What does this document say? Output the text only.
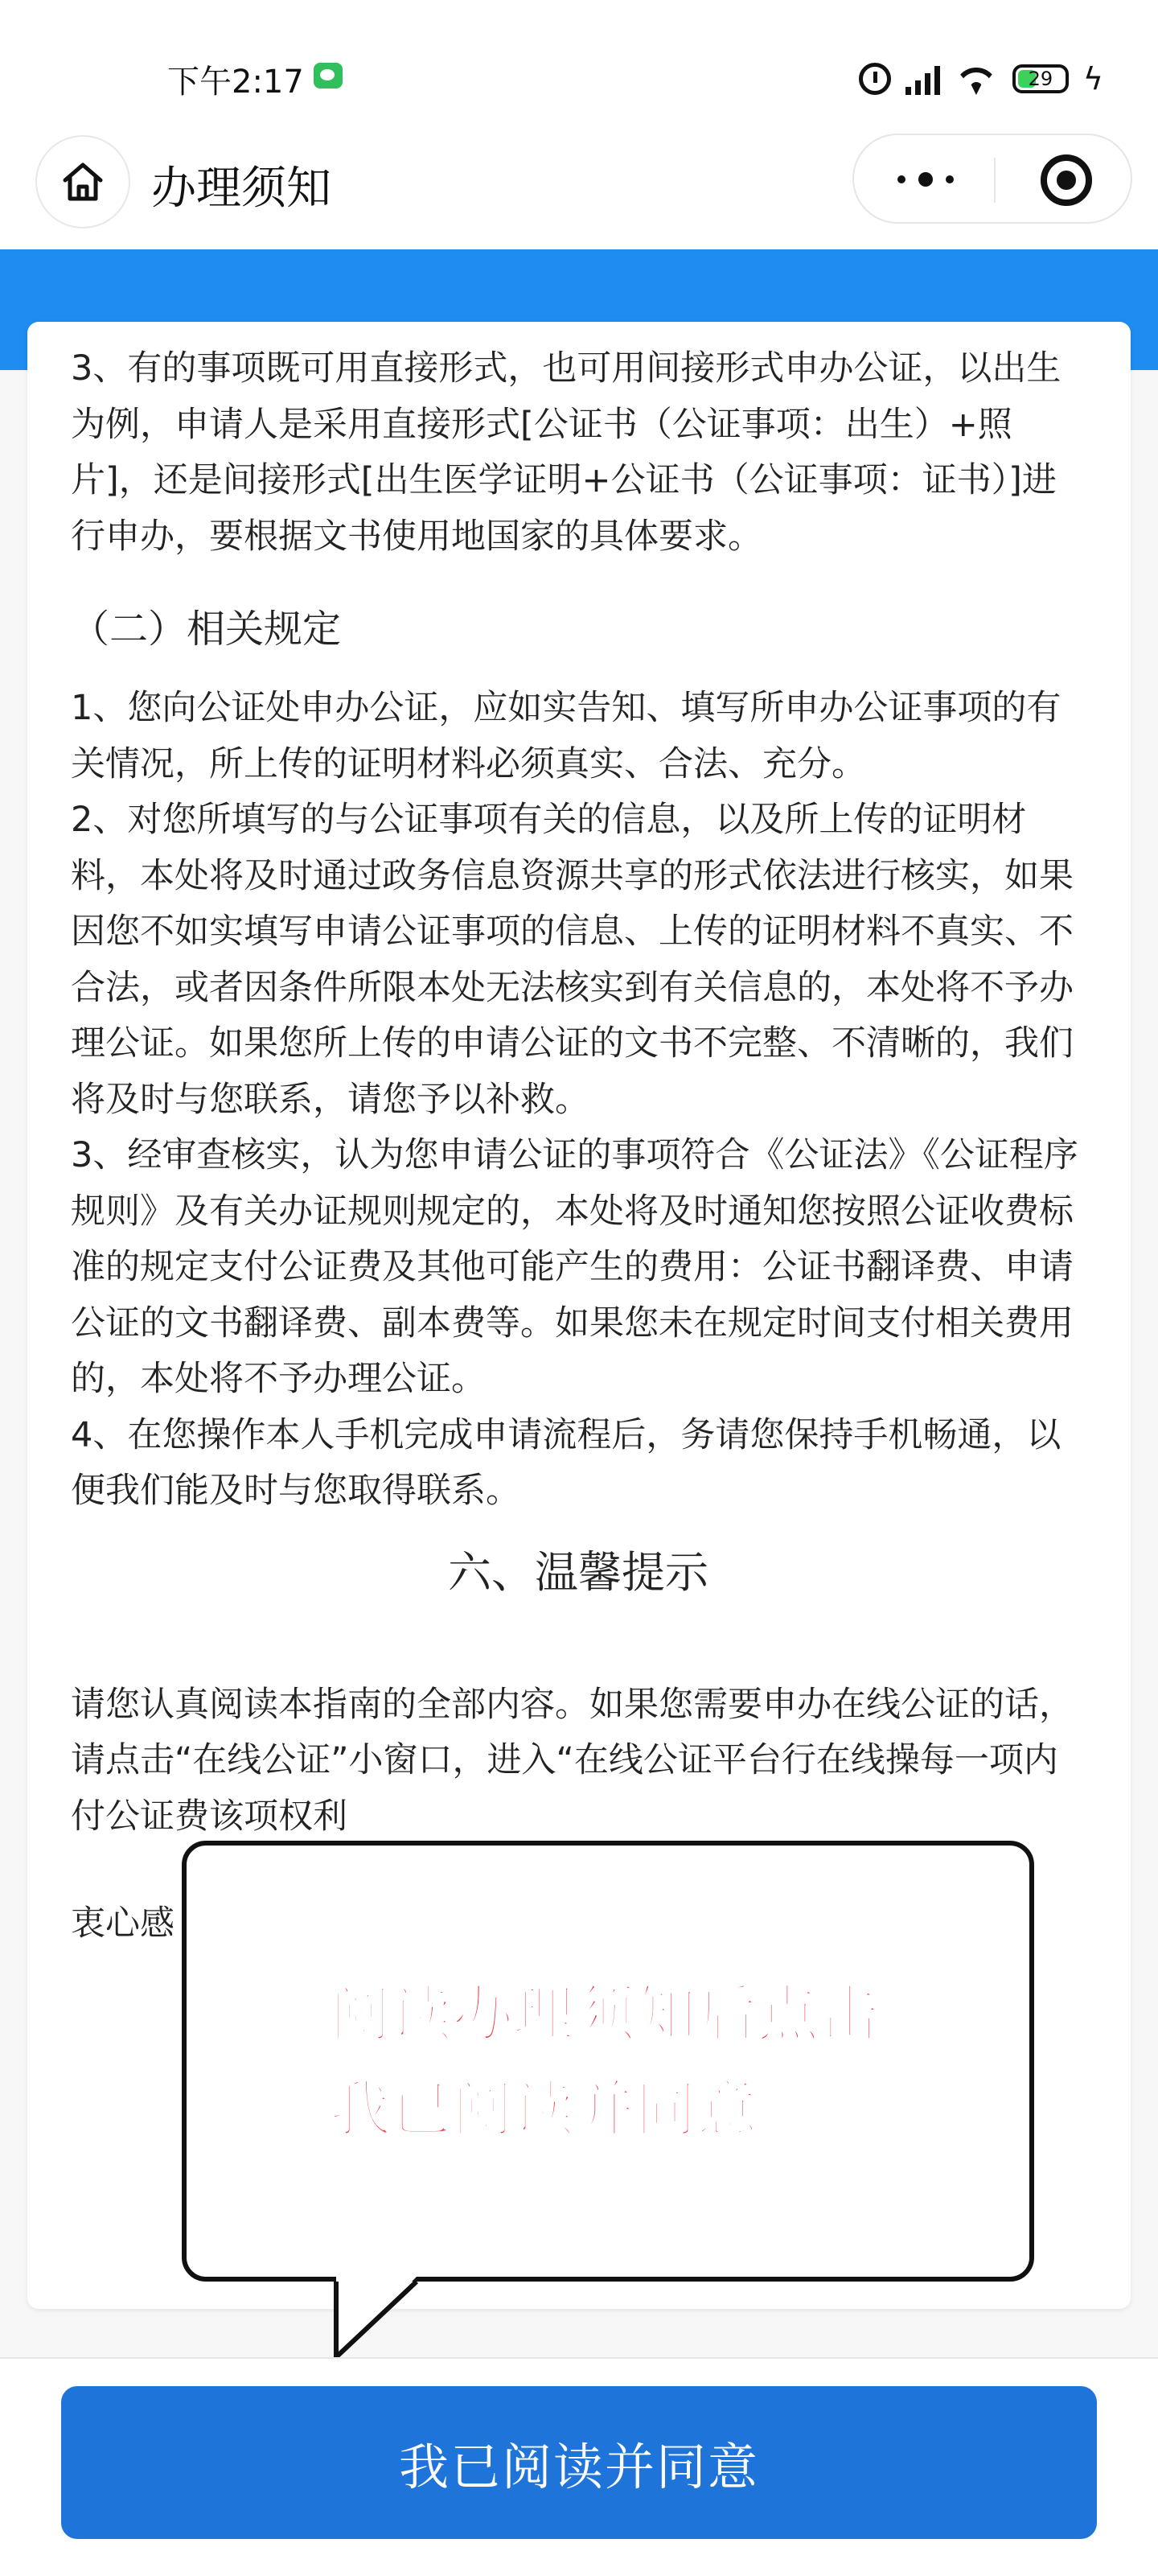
下午2:17	29 ϟ
办理须知

3、有的事项既可用直接形式，也可用间接形式申办公证，以出生为例，申请人是采用直接形式[公证书（公证事项：出生）+照片]，还是间接形式[出生医学证明+公证书（公证事项：证书）]进行申办，要根据文书使用地国家的具体要求。

（二）相关规定

1、您向公证处申办公证，应如实告知、填写所申办公证事项的有关情况，所上传的证明材料必须真实、合法、充分。

2、对您所填写的与公证事项有关的信息，以及所上传的证明材料，本处将及时通过政务信息资源共享的形式依法进行核实，如果因您不如实填写申请公证事项的信息、上传的证明材料不真实、不合法，或者因条件所限本处无法核实到有关信息的，本处将不予办理公证。如果您所上传的申请公证的文书不完整、不清晰的，我们将及时与您联系，请您予以补救。

3、经审查核实，认为您申请公证的事项符合《公证法》《公证程序规则》及有关办证规则规定的，本处将及时通知您按照公证收费标准的规定支付公证费及其他可能产生的费用：公证书翻译费、申请公证的文书翻译费、副本费等。如果您未在规定时间支付相关费用的，本处将不予办理公证。

4、在您操作本人手机完成申请流程后，务请您保持手机畅通，以便我们能及时与您取得联系。

六、温馨提示

请您认真阅读本指南的全部内容。如果您需要申办在线公证的话，请点击“在线公证”小窗口，进入“在线公证平台行在线操每一项内付公证费该项权利

衷心感

阅读办理须知后点击
我已阅读并同意
我已阅读并同意
